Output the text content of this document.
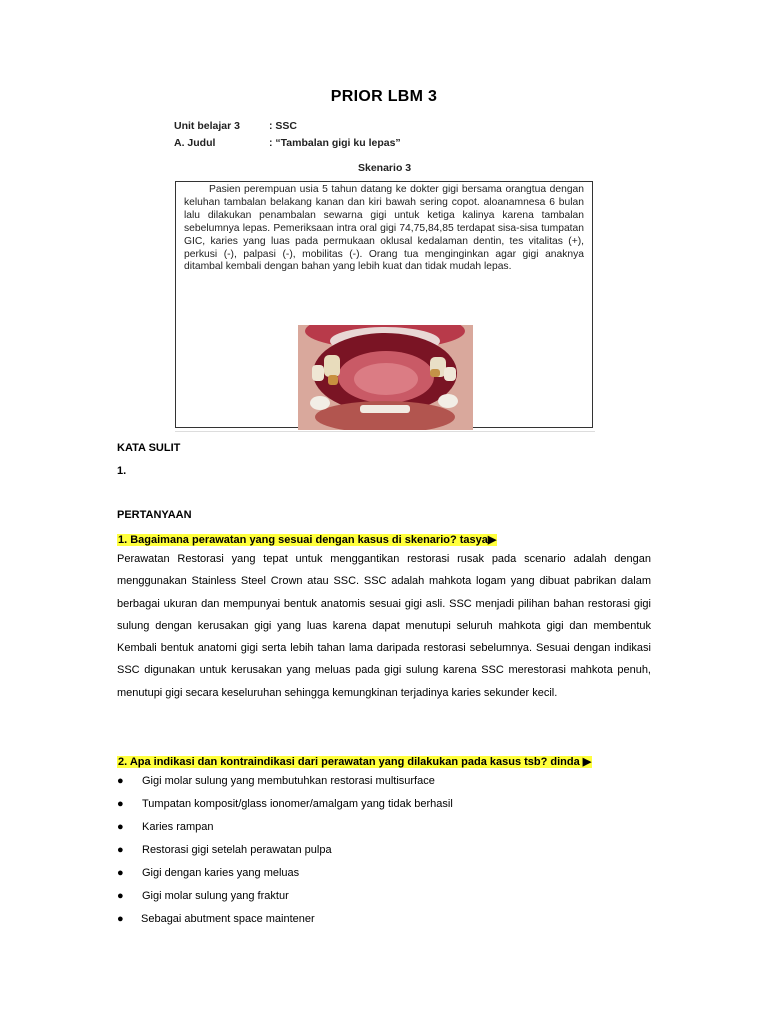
PRIOR LBM 3
Unit belajar 3	: SSC
A. Judul	: “Tambalan gigi ku lepas”
Skenario 3

Pasien perempuan usia 5 tahun datang ke dokter gigi bersama orangtua dengan keluhan tambalan belakang kanan dan kiri bawah sering copot. aloanamnesa 6 bulan lalu dilakukan penambalan sewarna gigi untuk ketiga kalinya karena tambalan sebelumnya lepas. Pemeriksaan intra oral gigi 74,75,84,85 terdapat sisa-sisa tumpatan GIC, karies yang luas pada permukaan oklusal kedalaman dentin, tes vitalitas (+), perkusi (-), palpasi (-), mobilitas (-). Orang tua menginginkan agar gigi anaknya ditambal kembali dengan bahan yang lebih kuat dan tidak mudah lepas.

KATA SULIT
1.
PERTANYAAN
1. Bagaimana perawatan yang sesuai dengan kasus di skenario? tasya▶

Perawatan Restorasi yang tepat untuk menggantikan restorasi rusak pada scenario adalah dengan menggunakan Stainless Steel Crown atau SSC. SSC adalah mahkota logam yang dibuat pabrikan dalam berbagai ukuran dan mempunyai bentuk anatomis sesuai gigi asli. SSC menjadi pilihan bahan restorasi gigi sulung dengan kerusakan gigi yang luas karena dapat menutupi seluruh mahkota gigi dan membentuk Kembali bentuk anatomi gigi serta lebih tahan lama daripada restorasi sebelumnya. Sesuai dengan indikasi SSC digunakan untuk kerusakan yang meluas pada gigi sulung karena SSC merestorasi mahkota penuh, menutupi gigi secara keseluruhan sehingga kemungkinan terjadinya karies sekunder kecil.

2. Apa indikasi dan kontraindikasi dari perawatan yang dilakukan pada kasus tsb? dinda ▶
● Gigi molar sulung yang membutuhkan restorasi multisurface
● Tumpatan komposit/glass ionomer/amalgam yang tidak berhasil
● Karies rampan
● Restorasi gigi setelah perawatan pulpa
● Gigi dengan karies yang meluas
● Gigi molar sulung yang fraktur
● Sebagai abutment space maintener
